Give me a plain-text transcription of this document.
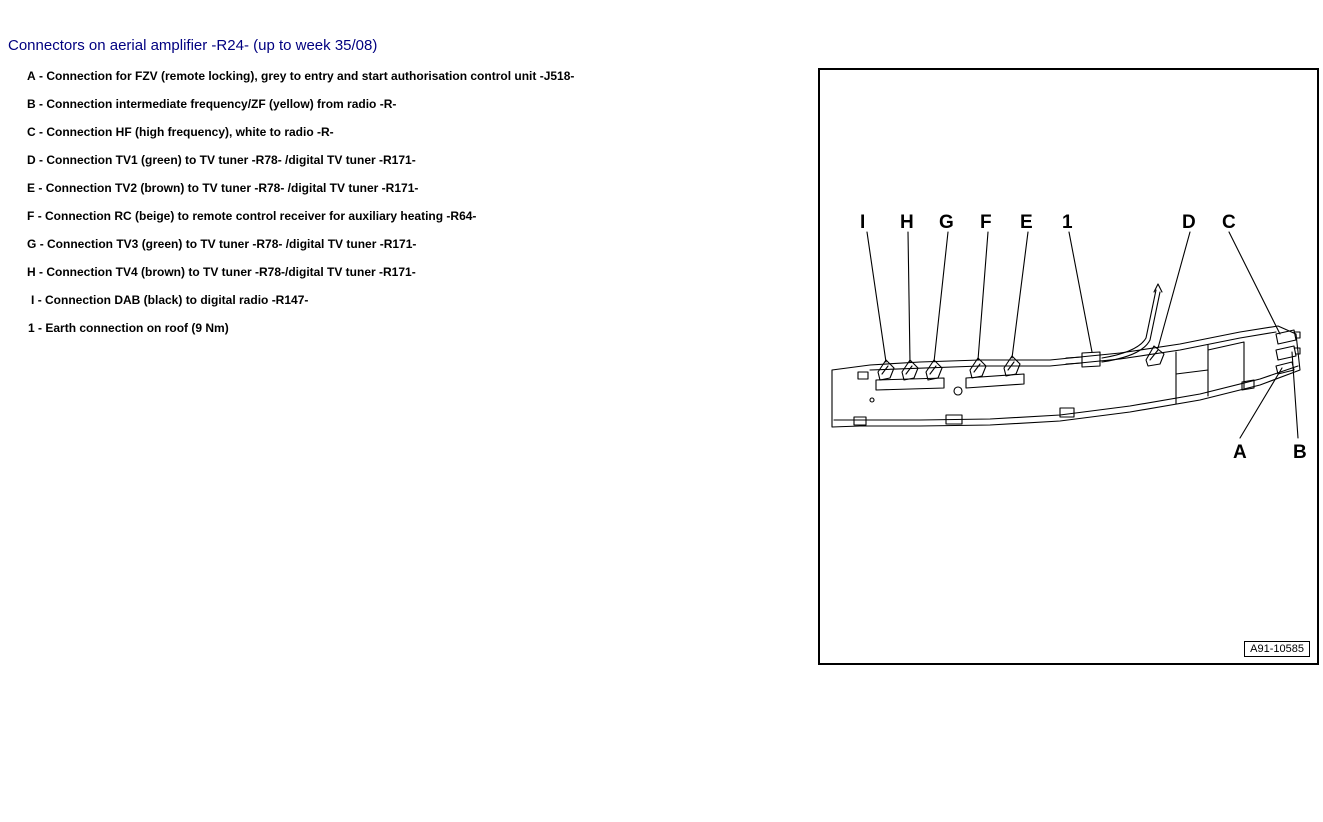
Connectors on aerial amplifier -R24- (up to week 35/08)
A - Connection for FZV (remote locking), grey to entry and start authorisation control unit -J518-
B - Connection intermediate frequency/ZF (yellow) from radio -R-
C - Connection HF (high frequency), white to radio -R-
D - Connection TV1 (green) to TV tuner -R78- /digital TV tuner -R171-
E - Connection TV2 (brown) to TV tuner -R78- /digital TV tuner -R171-
F - Connection RC (beige) to remote control receiver for auxiliary heating -R64-
G - Connection TV3 (green) to TV tuner -R78- /digital TV tuner -R171-
H - Connection TV4 (brown) to TV tuner -R78-/digital TV tuner -R171-
I - Connection DAB (black) to digital radio -R147-
1 - Earth connection on roof (9 Nm)
I H G F E 1	D C
A B
A91-10585
